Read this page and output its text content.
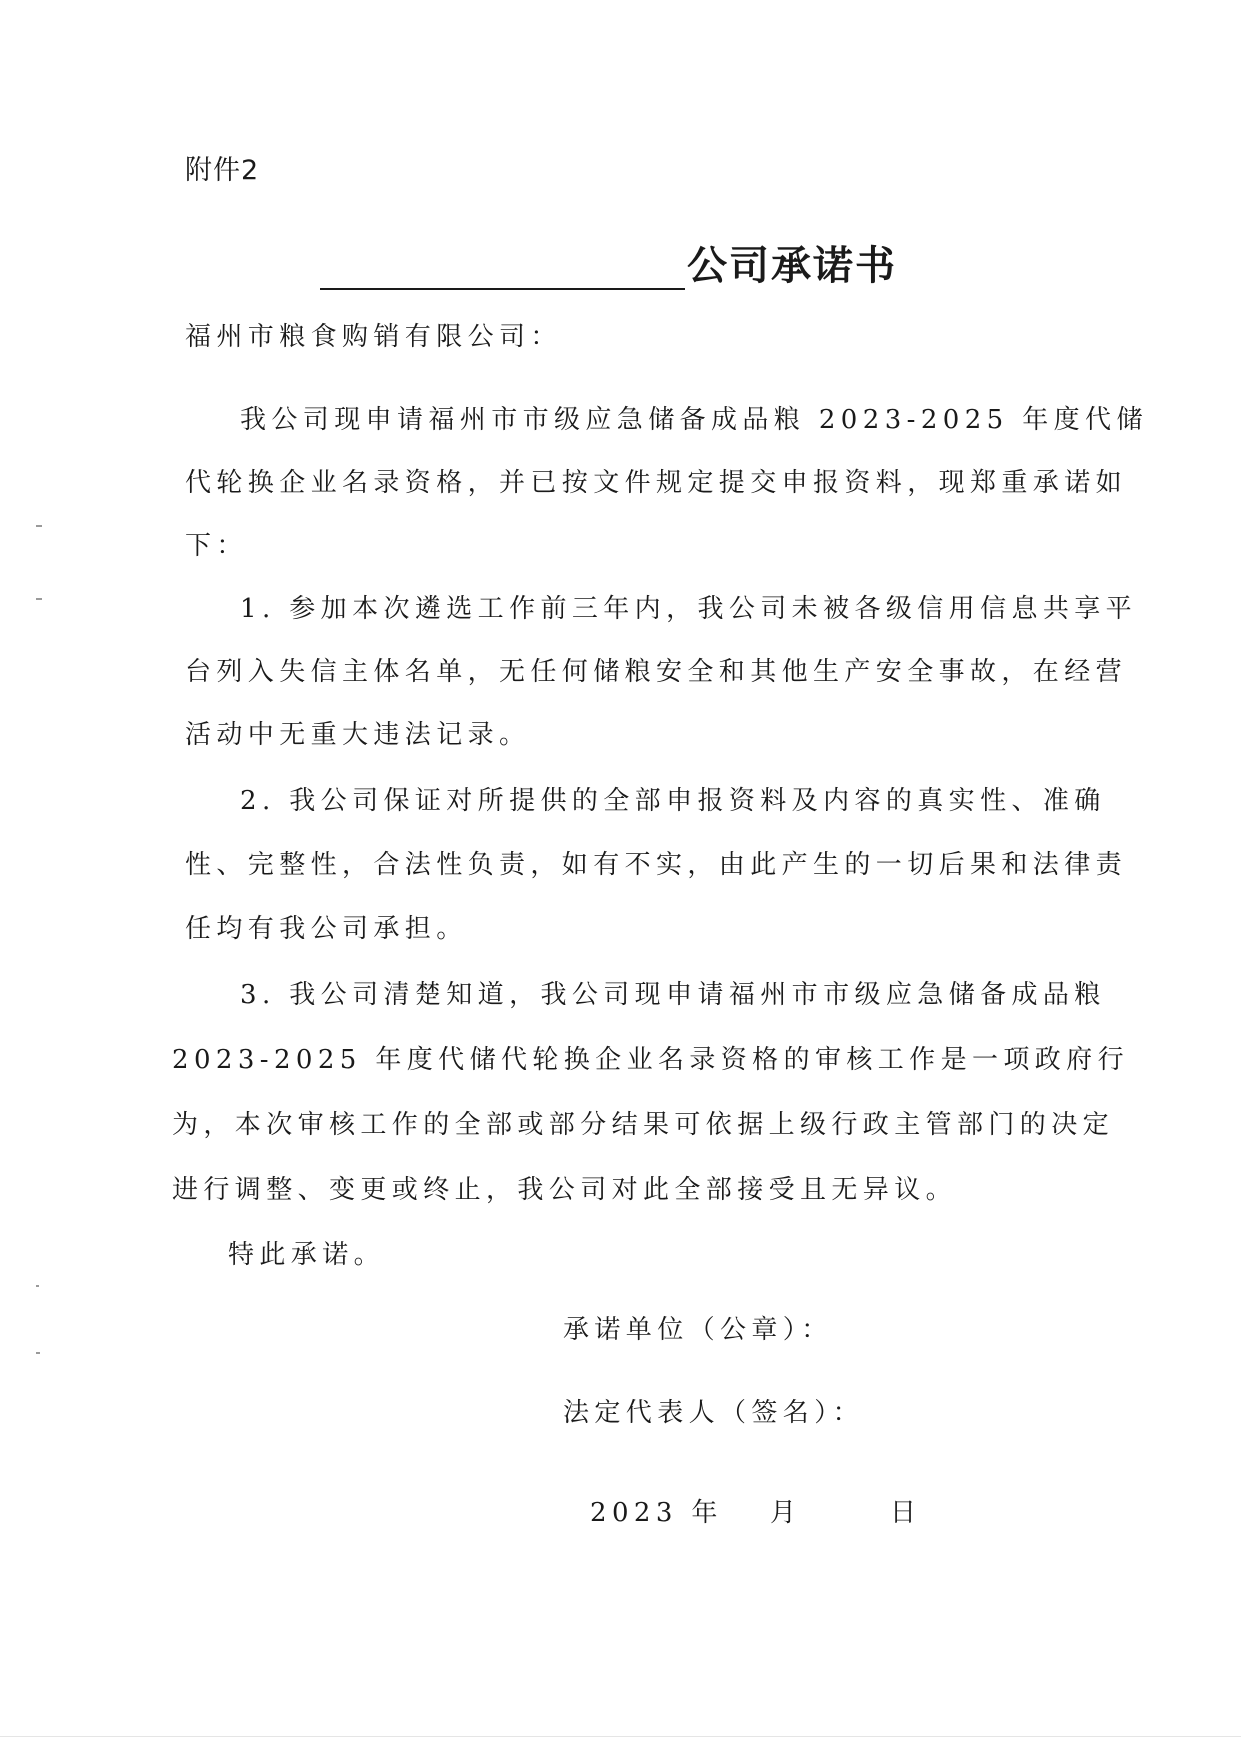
附件2
公司承诺书
福州市粮食购销有限公司：
我公司现申请福州市市级应急储备成品粮 2023-2025 年度代储
代轮换企业名录资格，并已按文件规定提交申报资料，现郑重承诺如
下：
1. 参加本次遴选工作前三年内，我公司未被各级信用信息共享平
台列入失信主体名单，无任何储粮安全和其他生产安全事故，在经营
活动中无重大违法记录。
2. 我公司保证对所提供的全部申报资料及内容的真实性、准确
性、完整性，合法性负责，如有不实，由此产生的一切后果和法律责
任均有我公司承担。
3. 我公司清楚知道，我公司现申请福州市市级应急储备成品粮
2023-2025 年度代储代轮换企业名录资格的审核工作是一项政府行
为，本次审核工作的全部或部分结果可依据上级行政主管部门的决定
进行调整、变更或终止，我公司对此全部接受且无异议。
特此承诺。
承诺单位（公章）：
法定代表人（签名）：
2023 年 月	日
